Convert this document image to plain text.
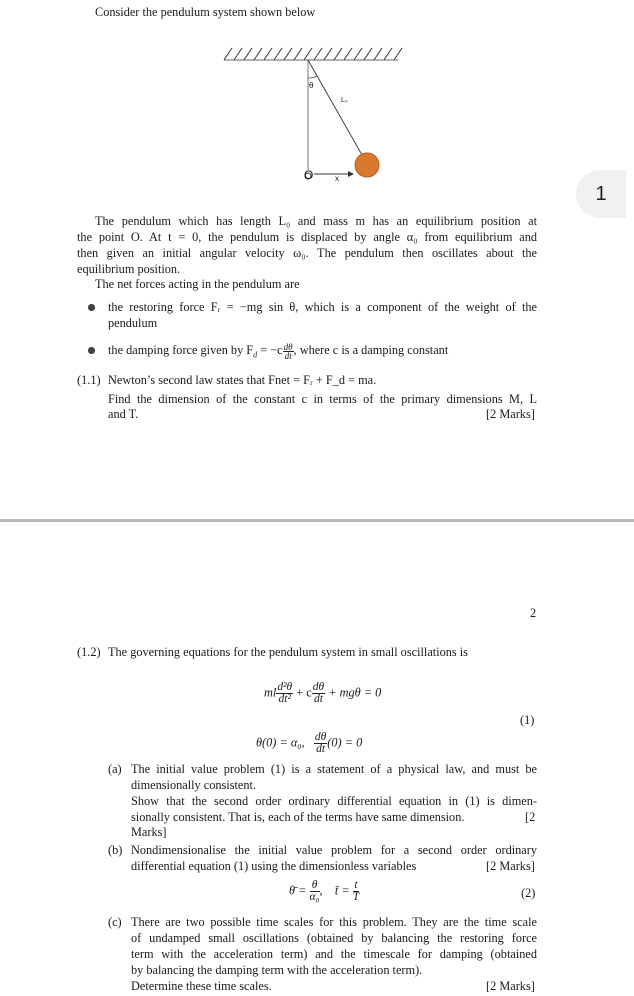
Consider the pendulum system shown below
θ
L₀
O	x
1
The pendulum which has length L₀ and mass m has an equilibrium position at
the point O. At t = 0, the pendulum is displaced by angle α₀ from equilibrium and
then given an initial angular velocity ω₀. The pendulum then oscillates about the
equilibrium position.
The net forces acting in the pendulum are
the restoring force Fᵣ = −mg sin θ, which is a component of the weight of the
pendulum
the damping force given by $F_d = -c \frac{d\theta}{dt}$ , where c is a damping constant
(1.1) Newton’s second law states that Fnet = Fᵣ + F_d = ma.
Find the dimension of the constant c in terms of the primary dimensions M, L
and T.	[2 Marks]
2
(1.2) The governing equations for the pendulum system in small oscillations is
ml $\frac{\text{d²θ}}{\text{dt²}} + c \frac{d\theta}{dt} + mg\theta = 0$
(1)
θ(0) = α₀, $\frac{d\theta}{dt} (0) = 0$
(a) The initial value problem (1) is a statement of a physical law, and must be
dimensionally consistent.
Show that the second order ordinary differential equation in (1) is dimen-
sionally consistent. That is, each of the terms have same dimension.	[2
Marks]
(b) Nondimensionalise the initial value problem for a second order ordinary
differential equation (1) using the dimensionless variables	[2 Marks]
θ̄ = $\frac{\theta}{\text{α₀}}$ , t̄ = $\frac{t}{T}$	(2)
(c) There are two possible time scales for this problem. They are the time scale
of undamped small oscillations (obtained by balancing the restoring force
term with the acceleration term) and the timescale for damping (obtained
by balancing the damping term with the acceleration term).
Determine these time scales.	[2 Marks]
